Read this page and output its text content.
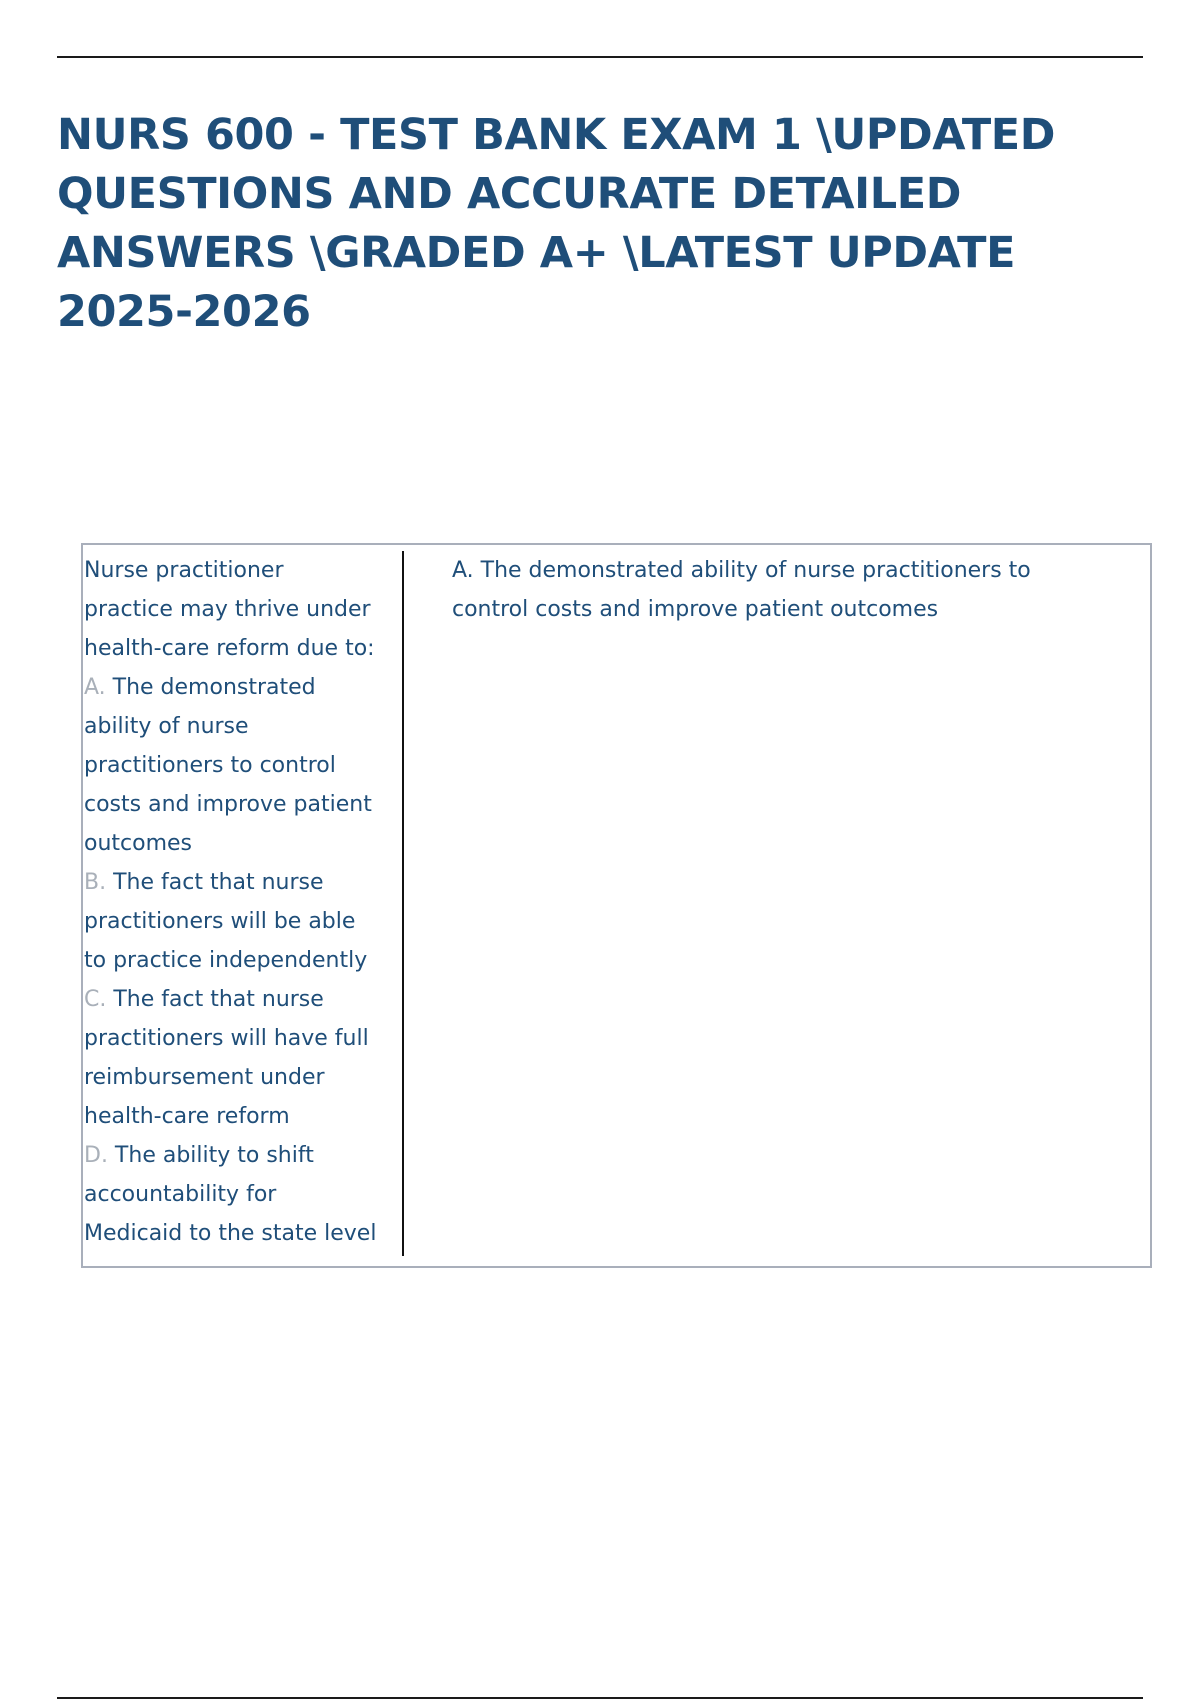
NURS 600 - TEST BANK EXAM 1 \UPDATED QUESTIONS AND ACCURATE DETAILED ANSWERS \GRADED A+ \LATEST UPDATE 2025-2026
Nurse practitioner
practice may thrive under
health-care reform due to:
A. The demonstrated
ability of nurse
practitioners to control
costs and improve patient
outcomes
B. The fact that nurse
practitioners will be able
to practice independently
C. The fact that nurse
practitioners will have full
reimbursement under
health-care reform
D. The ability to shift
accountability for
Medicaid to the state level
A. The demonstrated ability of nurse practitioners to control costs and improve patient outcomes
